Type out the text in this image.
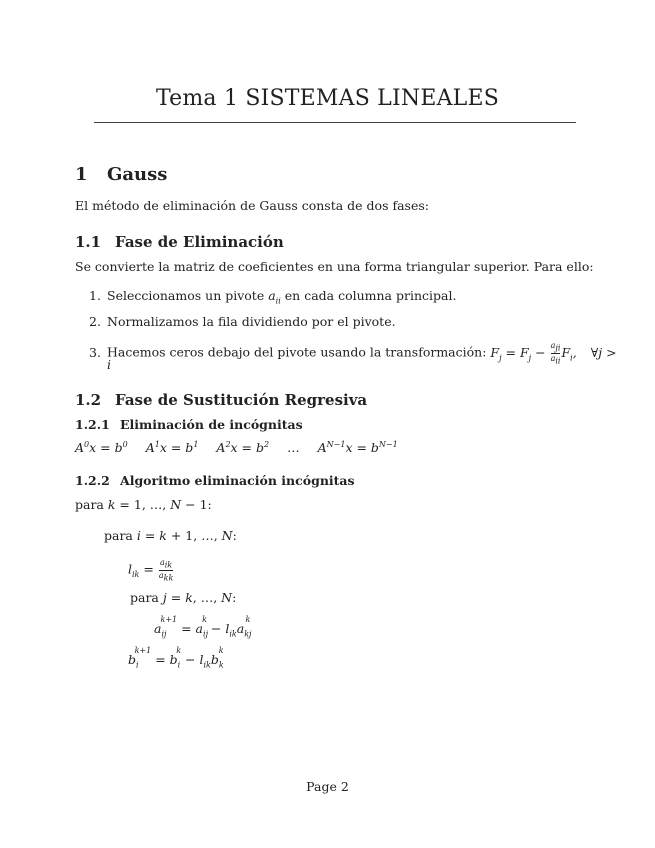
Tema 1 SISTEMAS LINEALES
1 Gauss
El método de eliminación de Gauss consta de dos fases:
1.1 Fase de Eliminación
Se convierte la matriz de coeficientes en una forma triangular superior. Para ello:
1. Seleccionamos un pivote $a_{ii}$ en cada columna principal.
2. Normalizamos la fila dividiendo por el pivote.
3. Hacemos ceros debajo del pivote usando la transformación: $F_j = F_j - \frac{a_{ji}}{a_{ii}} F_i$, ∀j >
i
1.2 Fase de Sustitución Regresiva
1.2.1 Eliminación de incógnitas
$A^0x = b^0$ $A^1x = b^1$ $A^2x = b^2$ … $A^{N-1}x = b^{N-1}$
1.2.2 Algoritmo eliminación incógnitas
para k = 1, …, N − 1:
para i = k + 1, …, N:
$l_{ik} = \frac{a_{ik}}{a_{kk}}$
para j = k, …, N:
$a_{ij}^{k+1} = a_{ij}^k - l_{ik}a_{kj}^k$
$b_i^{k+1} = b_i^k - l_{ik}b_k^k$
Page 2
